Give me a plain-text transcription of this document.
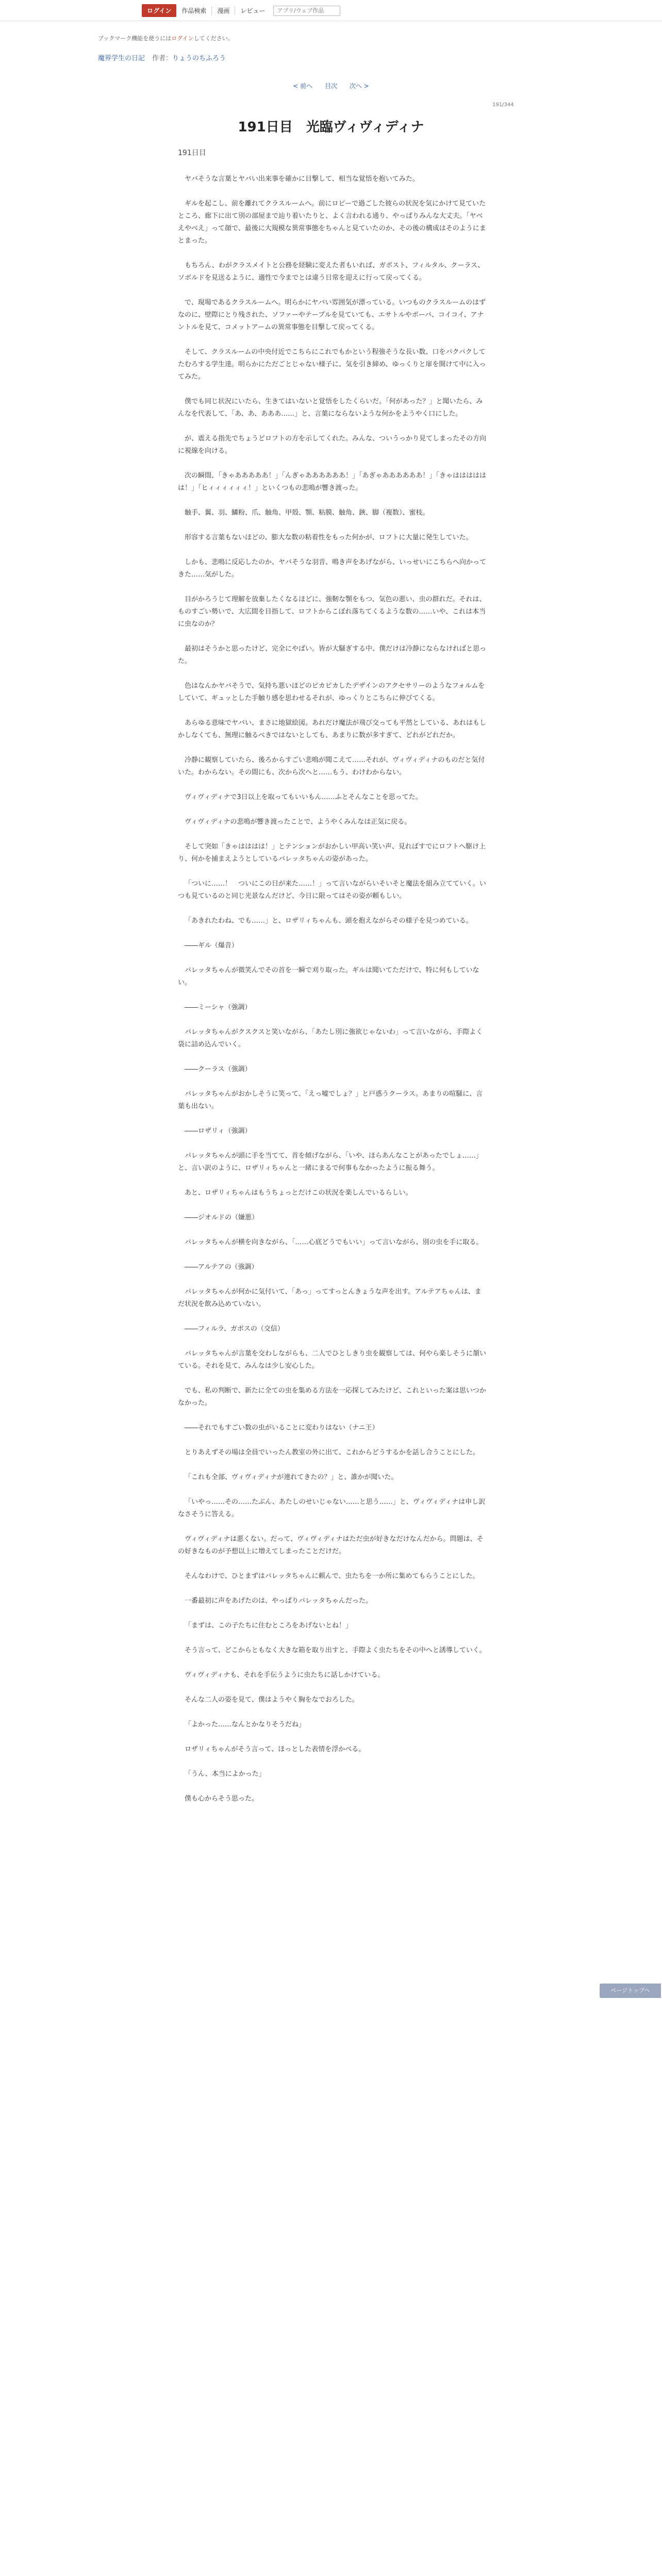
ログイン	作品検索	漫画	レビュー
アプリ/ウェブ作品
ブックマーク機能を使うにはログインしてください。
魔界学生の日記 作者：りょうのちふろう
< 前へ 目次 次へ >
191/344
191日目　光臨ヴィヴィディナ
191日目

ヤバそうな言葉とヤバい出来事を確かに目撃して、相当な覚悟を抱いてみた。

ギルを起こし、前を離れてクラスルームへ。前にロビーで過ごした彼らの状況を気にかけて見ていたところ、廊下に出て別の部屋まで辿り着いたりと、よく言われる通り、やっぱりみんな大丈夫。「ヤベえやべえ」って顔で、最後に大規模な異常事態をちゃんと見ていたのか、その後の構成はそのようにまとまった。

もちろん、わがクラスメイトと公務を経験に変えた者もいれば、ガボスト、フィルタル、クーラス、ソボルドを見送るように、適性で今までとは違う日常を迎えに行って戻ってくる。

で、現場であるクラスルームへ。明らかにヤバい雰囲気が漂っている。いつものクラスルームのはずなのに、壁際にとり残された、ソファーやテーブルを見ていても、エサトルやボーバ、コイコイ、アナントルを見て、コメットアームの異常事態を目撃して戻ってくる。

そして、クラスルームの中央付近でこちらにこれでもかという程強そうな長い数、口をパクパクしてたむろする学生達。明らかにただごとじゃない様子に、気を引き締め、ゆっくりと扉を開けて中に入ってみた。

僕でも同じ状況にいたら、生きてはいないと覚悟をしたくらいだ。「何があった？」と聞いたら、みんなを代表して、「あ、あ、あああ……」と、言葉にならないような何かをようやく口にした。

が、震える指先でちょうどロフトの方を示してくれた。みんな、ついうっかり見てしまったその方向に視線を向ける。

次の瞬間、「きゃあああああ！」「んぎゃああああああ！」「あぎゃああああああ！」「きゃはははははは！」「ヒィィィィィィ！」といくつもの悲鳴が響き渡った。

触手、翼、羽、鱗粉、爪、触角、甲殻、顎、粘膜、触角、鋏、脚（複数）、蜜枝。

形容する言葉もないほどの、膨大な数の粘着性をもった何かが、ロフトに大量に発生していた。

しかも、悲鳴に反応したのか、ヤバそうな羽音、鳴き声をあげながら、いっせいにこちらへ向かってきた……気がした。

目がかろうじて理解を放棄したくなるほどに、強靭な顎をもつ、気色の悪い、虫の群れだ。それは、ものすごい勢いで、大広間を目指して、ロフトからこぼれ落ちてくるような数の……いや、これは本当に虫なのか？

最初はそうかと思ったけど、完全にやばい。皆が大騒ぎする中、僕だけは冷静にならなければと思った。

色はなんかヤバそうで、気持ち悪いほどのピカピカしたデザインのアクセサリーのようなフォルムをしていて、ギュッとした手触り感を思わせるそれが、ゆっくりとこちらに伸びてくる。

あらゆる意味でヤバい、まさに地獄絵図。あれだけ魔法が飛び交っても平然としている、あれはもしかしなくても、無理に触るべきではないとしても、あまりに数が多すぎて、どれがどれだか。

冷静に観察していたら、後ろからすごい悲鳴が聞こえて……それが、ヴィヴィディナのものだと気付いた。わからない。その間にも、次から次へと……もう、わけわからない。

ヴィヴィディナで3日以上を取ってもいいもん……ふとそんなことを思ってた。

ヴィヴィディナの悲鳴が響き渡ったことで、ようやくみんなは正気に戻る。

そして突如「きゃはははは！」とテンションがおかしい甲高い笑い声、見ればすでにロフトへ駆け上り、何かを捕まえようとしているパレッタちゃんの姿があった。

「ついに……！　ついにこの日が来た……！」って言いながらいそいそと魔法を組み立てていく。いつも見ているのと同じ光景なんだけど、今日に限ってはその姿が頼もしい。

「あきれたわね、でも……」と、ロザリィちゃんも、頭を抱えながらその様子を見つめている。

――ギル（爆音）

パレッタちゃんが微笑んでその首を一瞬で刈り取った。ギルは聞いてただけで、特に何もしていない。

――ミーシャ（強調）

パレッタちゃんがクスクスと笑いながら、「あたし別に強欲じゃないわ」って言いながら、手際よく袋に詰め込んでいく。

――クーラス（強調）

パレッタちゃんがおかしそうに笑って、「えっ嘘でしょ？」と戸惑うクーラス。あまりの喧騒に、言葉も出ない。

――ロザリィ（強調）

パレッタちゃんが頭に手を当てて、首を傾げながら、「いや、ほらあんなことがあったでしょ……」と、言い訳のように、ロザリィちゃんと一緒にまるで何事もなかったように振る舞う。

あと、ロザリィちゃんはもうちょっとだけこの状況を楽しんでいるらしい。

――ジオルドの（嫌悪）

パレッタちゃんが横を向きながら、「……心底どうでもいい」って言いながら、別の虫を手に取る。

――アルテアの（強調）

パレッタちゃんが何かに気付いて、「あっ」ってすっとんきょうな声を出す。アルテアちゃんは、まだ状況を飲み込めていない。

――フィルラ、ガボスの（交信）

パレッタちゃんが言葉を交わしながらも、二人でひとしきり虫を観察しては、何やら楽しそうに頷いている。それを見て、みんなは少し安心した。

でも、私の判断で、新たに全ての虫を集める方法を一応探してみたけど、これといった案は思いつかなかった。

――それでもすごい数の虫がいることに変わりはない（ナニ王）

とりあえずその場は全員でいったん教室の外に出て、これからどうするかを話し合うことにした。

「これも全部、ヴィヴィディナが連れてきたの？」と、誰かが聞いた。

「いやっ……その……たぶん、あたしのせいじゃない……と思う……」と、ヴィヴィディナは申し訳なさそうに答える。

ヴィヴィディナは悪くない。だって、ヴィヴィディナはただ虫が好きなだけなんだから。問題は、その好きなものが予想以上に増えてしまったことだけだ。

そんなわけで、ひとまずはパレッタちゃんに頼んで、虫たちを一か所に集めてもらうことにした。

一番最初に声をあげたのは、やっぱりパレッタちゃんだった。

「まずは、この子たちに住むところをあげないとね！」

そう言って、どこからともなく大きな箱を取り出すと、手際よく虫たちをその中へと誘導していく。

ヴィヴィディナも、それを手伝うように虫たちに話しかけている。

そんな二人の姿を見て、僕はようやく胸をなでおろした。

「よかった……なんとかなりそうだね」

ロザリィちゃんがそう言って、ほっとした表情を浮かべる。

「うん、本当によかった」

僕も心からそう思った。

ページトップへ
